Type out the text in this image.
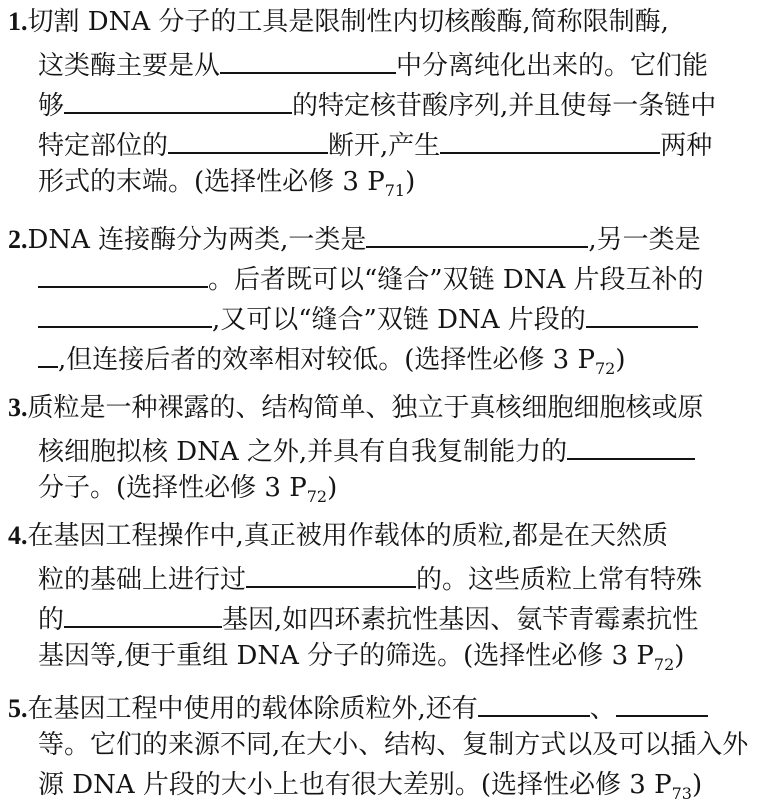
1.切割 DNA 分子的工具是限制性内切核酸酶,简称限制酶,
这类酶主要是从	中分离纯化出来的。它们能
够	的特定核苷酸序列,并且使每一条链中
特定部位的	断开,产生	两种
形式的末端。(选择性必修 3 $P_{71}$)
2.DNA 连接酶分为两类,一类是	,另一类是
。后者既可以“缝合”双链 DNA 片段互补的
,又可以“缝合”双链 DNA 片段的
,但连接后者的效率相对较低。(选择性必修 3 $P_{72}$)
3.质粒是一种裸露的、结构简单、独立于真核细胞细胞核或原
核细胞拟核 DNA 之外,并具有自我复制能力的
分子。(选择性必修 3 $P_{72}$)
4.在基因工程操作中,真正被用作载体的质粒,都是在天然质
粒的基础上进行过	的。这些质粒上常有特殊
的	基因,如四环素抗性基因、氨苄青霉素抗性
基因等,便于重组 DNA 分子的筛选。(选择性必修 3 $P_{72}$)
5.在基因工程中使用的载体除质粒外,还有	、
等。它们的来源不同,在大小、结构、复制方式以及可以插入外
源 DNA 片段的大小上也有很大差别。(选择性必修 3 $P_{73}$)
